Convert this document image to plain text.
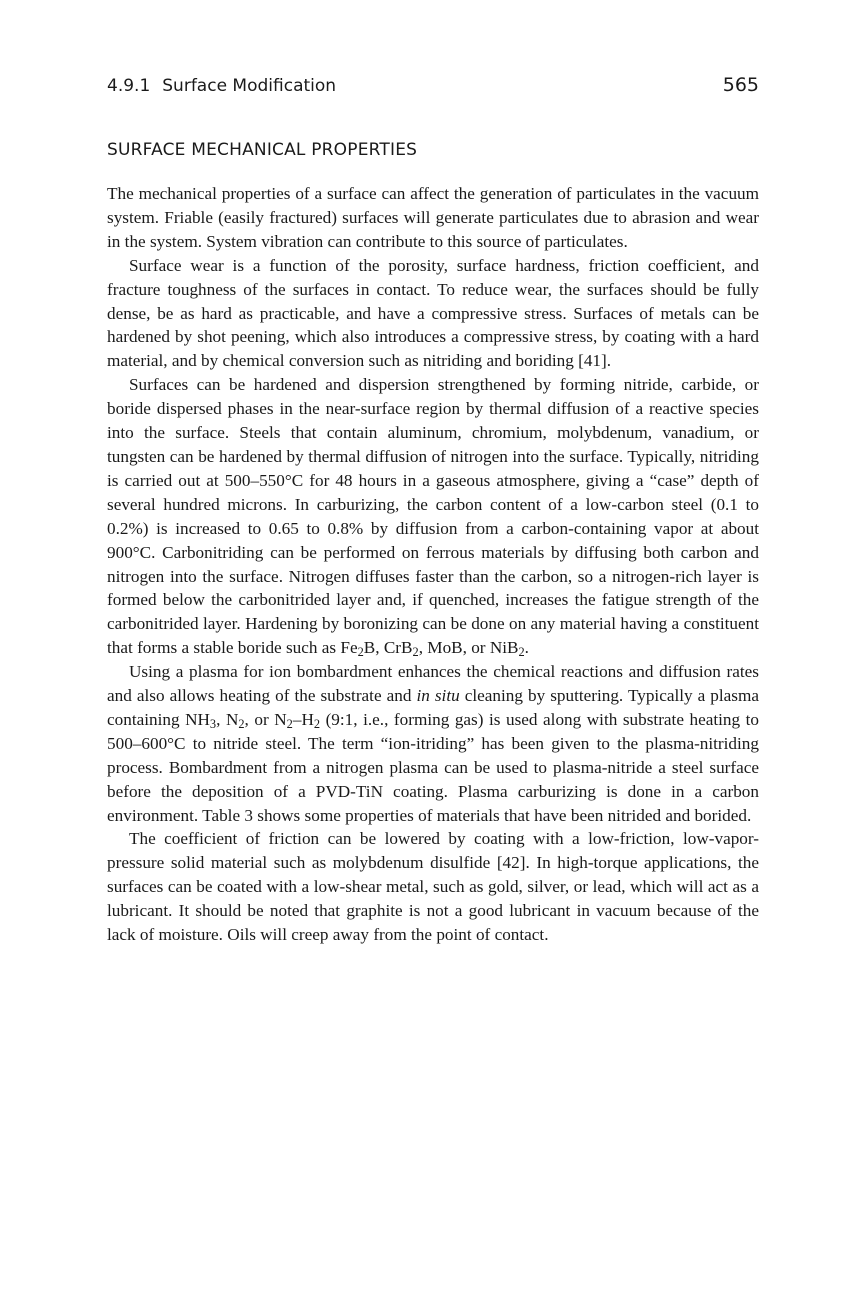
4.9.1 Surface Modification	565
SURFACE MECHANICAL PROPERTIES

The mechanical properties of a surface can affect the generation of particulates in the vacuum system. Friable (easily fractured) surfaces will generate particulates due to abrasion and wear in the system. System vibration can contribute to this source of particulates.

Surface wear is a function of the porosity, surface hardness, friction coefficient, and fracture toughness of the surfaces in contact. To reduce wear, the surfaces should be fully dense, be as hard as practicable, and have a compressive stress. Surfaces of metals can be hardened by shot peening, which also introduces a compressive stress, by coating with a hard material, and by chemical conversion such as nitriding and boriding [41].

Surfaces can be hardened and dispersion strengthened by forming nitride, carbide, or boride dispersed phases in the near-surface region by thermal diffusion of a reactive species into the surface. Steels that contain aluminum, chromium, molybdenum, vanadium, or tungsten can be hardened by thermal diffusion of nitrogen into the surface. Typically, nitriding is carried out at 500–550°C for 48 hours in a gaseous atmosphere, giving a “case” depth of several hundred microns. In carburizing, the carbon content of a low-carbon steel (0.1 to 0.2%) is increased to 0.65 to 0.8% by diffusion from a carbon-containing vapor at about 900°C. Carbonitriding can be performed on ferrous materials by diffusing both carbon and nitrogen into the surface. Nitrogen diffuses faster than the carbon, so a nitrogen-rich layer is formed below the carbonitrided layer and, if quenched, increases the fatigue strength of the carbonitrided layer. Hardening by boronizing can be done on any material having a constituent that forms a stable boride such as $Fe_2B$, CrB$_2$, MoB, or NiB$_2$.

Using a plasma for ion bombardment enhances the chemical reactions and diffusion rates and also allows heating of the substrate and in situ cleaning by sputtering. Typically a plasma containing $NH_3$, $N_2$, or $N_2-H_2$ (9:1, i.e., forming gas) is used along with substrate heating to 500–600°C to nitride steel. The term “ion-itriding” has been given to the plasma-nitriding process. Bombardment from a nitrogen plasma can be used to plasma-nitride a steel surface before the deposition of a PVD-TiN coating. Plasma carburizing is done in a carbon environment. Table 3 shows some properties of materials that have been nitrided and borided.

The coefficient of friction can be lowered by coating with a low-friction, low-vapor-pressure solid material such as molybdenum disulfide [42]. In high-torque applications, the surfaces can be coated with a low-shear metal, such as gold, silver, or lead, which will act as a lubricant. It should be noted that graphite is not a good lubricant in vacuum because of the lack of moisture. Oils will creep away from the point of contact.
